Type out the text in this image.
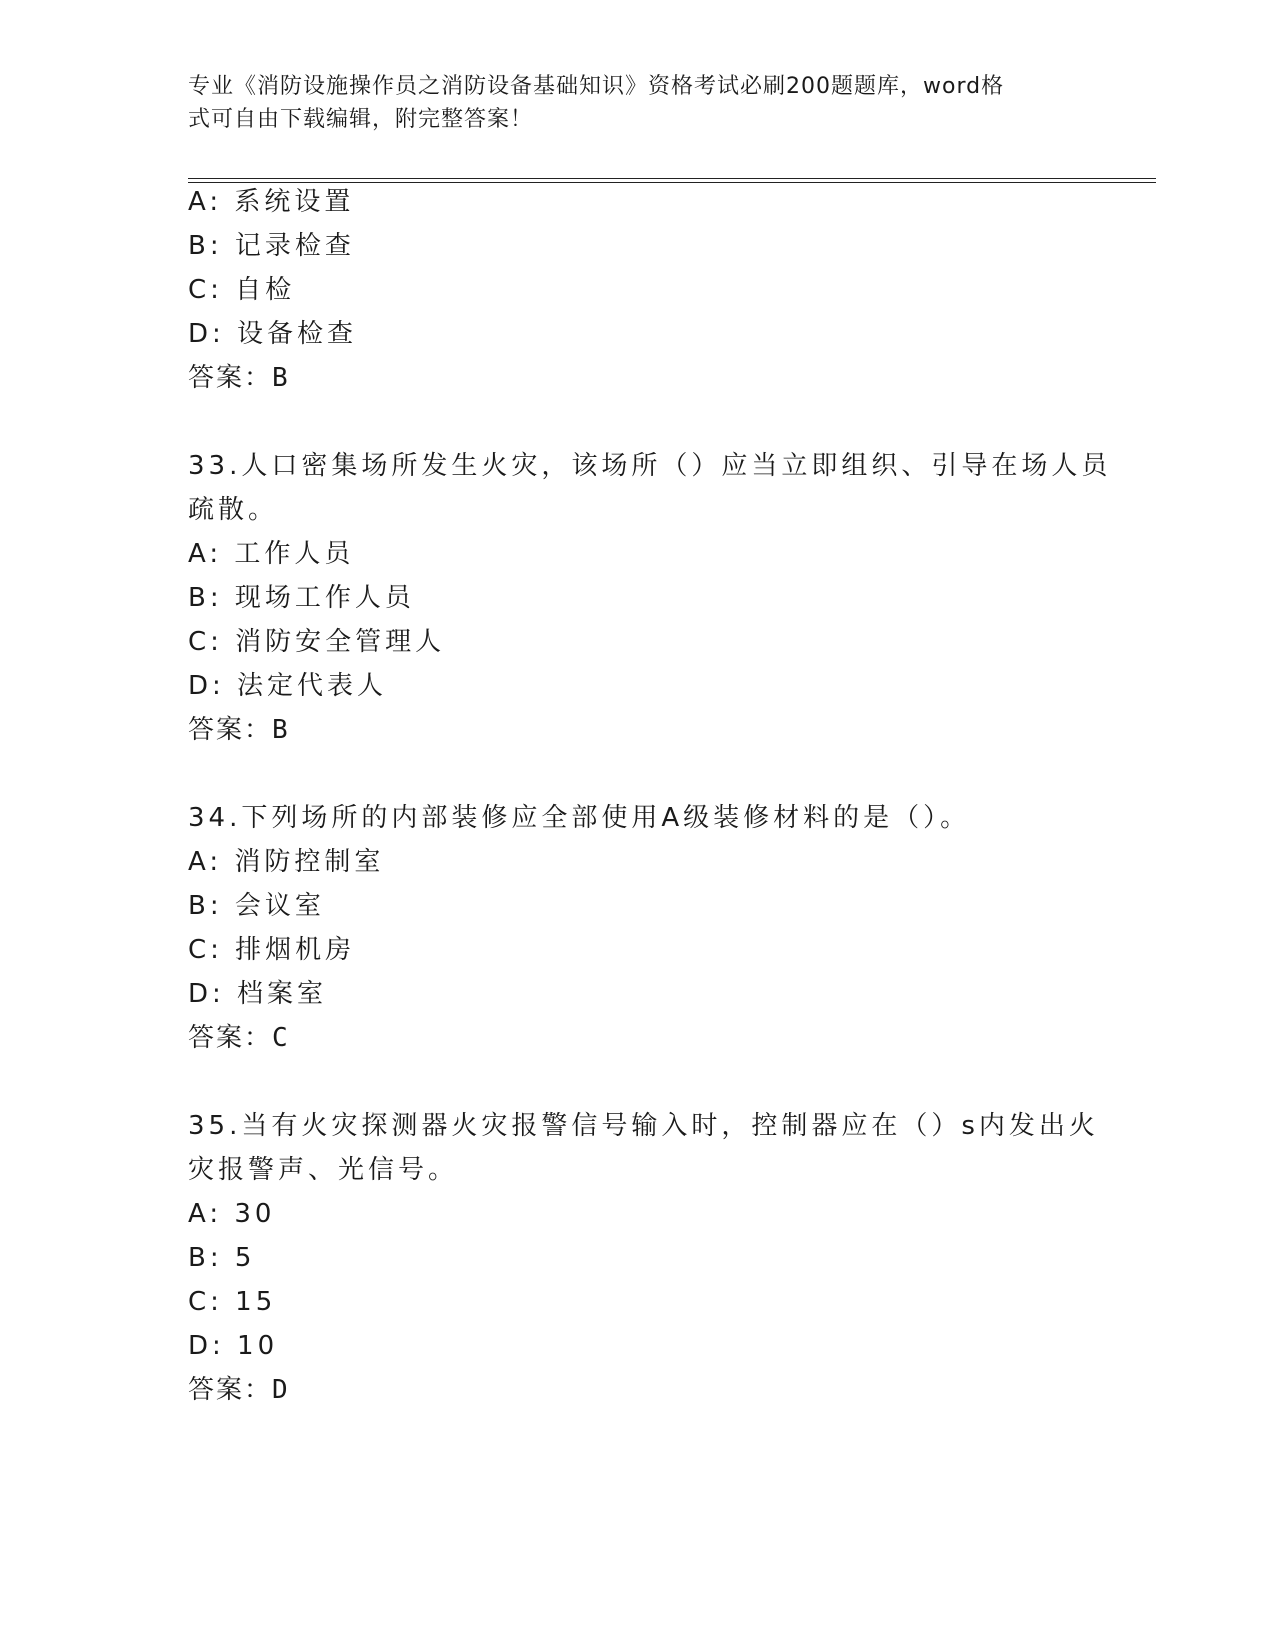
专业《消防设施操作员之消防设备基础知识》资格考试必刷200题题库，word格
式可自由下载编辑，附完整答案！
A: 系统设置
B: 记录检查
C: 自检
D: 设备检查
答案：B
33.人口密集场所发生火灾，该场所（）应当立即组织、引导在场人员
疏散。
A: 工作人员
B: 现场工作人员
C: 消防安全管理人
D: 法定代表人
答案：B
34.下列场所的内部装修应全部使用A级装修材料的是（）。
A: 消防控制室
B: 会议室
C: 排烟机房
D: 档案室
答案：C
35.当有火灾探测器火灾报警信号输入时，控制器应在（）s内发出火
灾报警声、光信号。
A: 30
B: 5
C: 15
D: 10
答案：D
